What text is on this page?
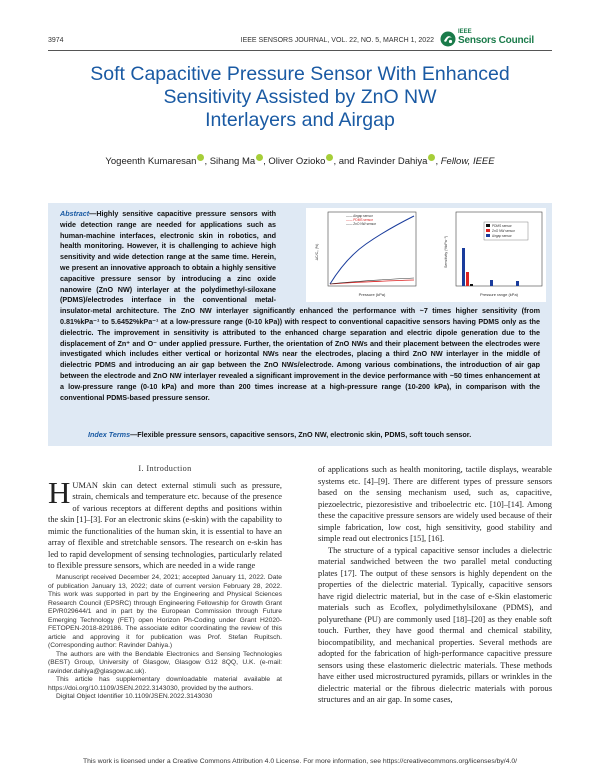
3974	IEEE SENSORS JOURNAL, VOL. 22, NO. 5, MARCH 1, 2022
IEEE
Sensors Council
Soft Capacitive Pressure Sensor With Enhanced
Sensitivity Assisted by ZnO NW
Interlayers and Airgap
Yogeenth Kumaresan , Sihang Ma , Oliver Ozioko , and Ravinder Dahiya , Fellow, IEEE
Abstract—Highly sensitive capacitive pressure sensors with wide detection range are needed for applications such as human-machine interfaces, electronic skin in robotics, and health monitoring. However, it is challenging to achieve high sensitivity and wide detection range at the same time. Herein, we present an innovative approach to obtain a highly sensitive capacitive pressure sensor by introducing a zinc oxide nanowire (ZnO NW) interlayer at the polydimethyl-siloxane (PDMS)/electrodes interface in the conventional metal-insulator-metal architecture. The ZnO NW interlayer significantly enhanced the performance with ~7 times higher sensitivity (from 0.81%kPa⁻¹ to 5.6452%kPa⁻¹ at a low-pressure range (0-10 kPa)) with respect to conventional capacitive sensors having PDMS only as the dielectric. The improvement in sensitivity is attributed to the enhanced charge separation and electric dipole generation due to the displacement of Zn⁺ and O⁻ under applied pressure. Further, the orientation of ZnO NWs and their placement between the electrodes were investigated which includes either vertical or horizontal NWs near the electrodes, placing a third ZnO NW interlayer in the middle of dielectric PDMS and introducing an air gap between the ZnO NWs/electrode. Among various combinations, the introduction of air gap between the electrode and ZnO NW interlayer revealed a significant improvement in the device performance with ~50 times enhancement at a low-pressure range (0-10 kPa) and more than 200 times increase at a high-pressure range (10-200 kPa), in comparison with the conventional PDMS-based pressure sensor.
—— Airgap sensor
—— PDMS sensor
—— ZnO NW sensor
Pressure (kPa)
ΔC/C₀ (%)
PDMS sensor
ZnO NW sensor
Airgap sensor
Pressure range (kPa)
Sensitivity (%kPa⁻¹)
Index Terms—Flexible pressure sensors, capacitive sensors, ZnO NW, electronic skin, PDMS, soft touch sensor.
I. Introduction

HUMAN skin can detect external stimuli such as pressure, strain, chemicals and temperature etc. because of the presence of various receptors at different depths and positions within the skin [1]–[3]. For an electronic skins (e-skin) with the capability to mimic the functionalities of the human skin, it is essential to have an array of flexible and stretchable sensors. The research on e-skin has led to rapid development of sensing technologies, particularly related to flexible pressure sensors, which are needed in a wide range

Manuscript received December 24, 2021; accepted January 11, 2022. Date of publication January 13, 2022; date of current version February 28, 2022. This work was supported in part by the Engineering and Physical Sciences Research Council (EPSRC) through Engineering Fellowship for Growth Grant EP/R029644/1 and in part by the European Commission through Future Emerging Technology (FET) open Horizon Ph-Coding under Grant H2020-FETOPEN-2018-829186. The associate editor coordinating the review of this article and approving it for publication was Prof. Stefan Rupitsch. (Corresponding author: Ravinder Dahiya.)

The authors are with the Bendable Electronics and Sensing Technologies (BEST) Group, University of Glasgow, Glasgow G12 8QQ, U.K. (e-mail: ravinder.dahiya@glasgow.ac.uk).

This article has supplementary downloadable material available at https://doi.org/10.1109/JSEN.2022.3143030, provided by the authors.

Digital Object Identifier 10.1109/JSEN.2022.3143030

of applications such as health monitoring, tactile displays, wearable systems etc. [4]–[9]. There are different types of pressure sensors based on the sensing mechanism used, such as, capacitive, piezoelectric, piezoresistive and triboelectric etc. [10]–[14]. Among these the capacitive pressure sensors are widely used because of their simple fabrication, low cost, high sensitivity, good stability and simple read out electronics [15], [16].

The structure of a typical capacitive sensor includes a dielectric material sandwiched between the two parallel metal conducting plates [17]. The output of these sensors is highly dependent on the properties of the dielectric material. Typically, capacitive sensors have rigid dielectric material, but in the case of e-Skin elastomeric materials such as Ecoflex, polydimethylsiloxane (PDMS), and polyurethane (PU) are commonly used [18]–[20] as they enable soft touch. Further, they have good thermal and chemical stability, biocompatibility, and mechanical properties. Several methods are adopted for the fabrication of high-performance capacitive pressure sensors using these elastomeric dielectric materials. These methods have either used microstructured pyramids, pillars or wrinkles in the dielectric material or the fibrous dielectric materials with porous structures and an air gap. In some cases,

This work is licensed under a Creative Commons Attribution 4.0 License. For more information, see https://creativecommons.org/licenses/by/4.0/
